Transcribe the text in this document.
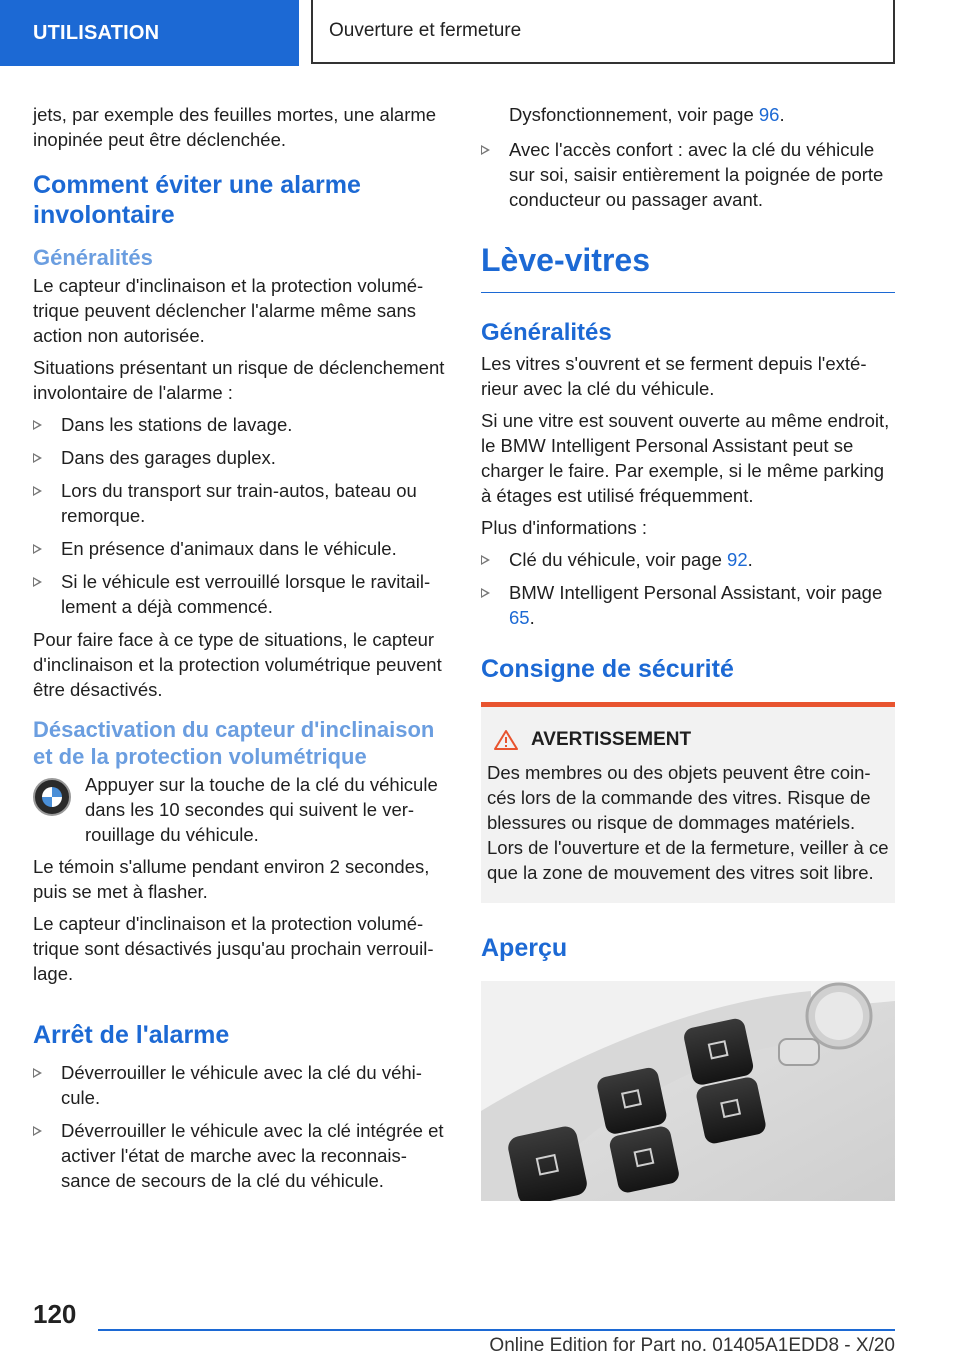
UTILISATION	Ouverture et fermeture

jets, par exemple des feuilles mortes, une alarme inopinée peut être déclenchée.

Comment éviter une alarme involontaire
Généralités

Le capteur d'inclinaison et la protection volumétrique peuvent déclencher l'alarme même sans action non autorisée.

Situations présentant un risque de déclenchement involontaire de l'alarme :

Dans les stations de lavage.
Dans des garages duplex.
Lors du transport sur train-autos, bateau ou remorque.
En présence d'animaux dans le véhicule.
Si le véhicule est verrouillé lorsque le ravitaillement a déjà commencé.

Pour faire face à ce type de situations, le capteur d'inclinaison et la protection volumétrique peuvent être désactivés.

Désactivation du capteur d'inclinaison et de la protection volumétrique

Appuyer sur la touche de la clé du véhicule dans les 10 secondes qui suivent le verrouillage du véhicule.

Le témoin s'allume pendant environ 2 secondes, puis se met à flasher.

Le capteur d'inclinaison et la protection volumétrique sont désactivés jusqu'au prochain verrouillage.

Arrêt de l'alarme
Déverrouiller le véhicule avec la clé du véhicule.
Déverrouiller le véhicule avec la clé intégrée et activer l'état de marche avec la reconnaissance de secours de la clé du véhicule.
Dysfonctionnement, voir page 96.
Avec l'accès confort : avec la clé du véhicule sur soi, saisir entièrement la poignée de porte conducteur ou passager avant.
Lève-vitres
Généralités

Les vitres s'ouvrent et se ferment depuis l'extérieur avec la clé du véhicule.

Si une vitre est souvent ouverte au même endroit, le BMW Intelligent Personal Assistant peut se charger le faire. Par exemple, si le même parking à étages est utilisé fréquemment.

Plus d'informations :

Clé du véhicule, voir page 92.
BMW Intelligent Personal Assistant, voir page 65.
Consigne de sécurité
AVERTISSEMENT
Des membres ou des objets peuvent être coincés lors de la commande des vitres. Risque de blessures ou risque de dommages matériels. Lors de l'ouverture et de la fermeture, veiller à ce que la zone de mouvement des vitres soit libre.
Aperçu
120
Online Edition for Part no. 01405A1EDD8 - X/20
